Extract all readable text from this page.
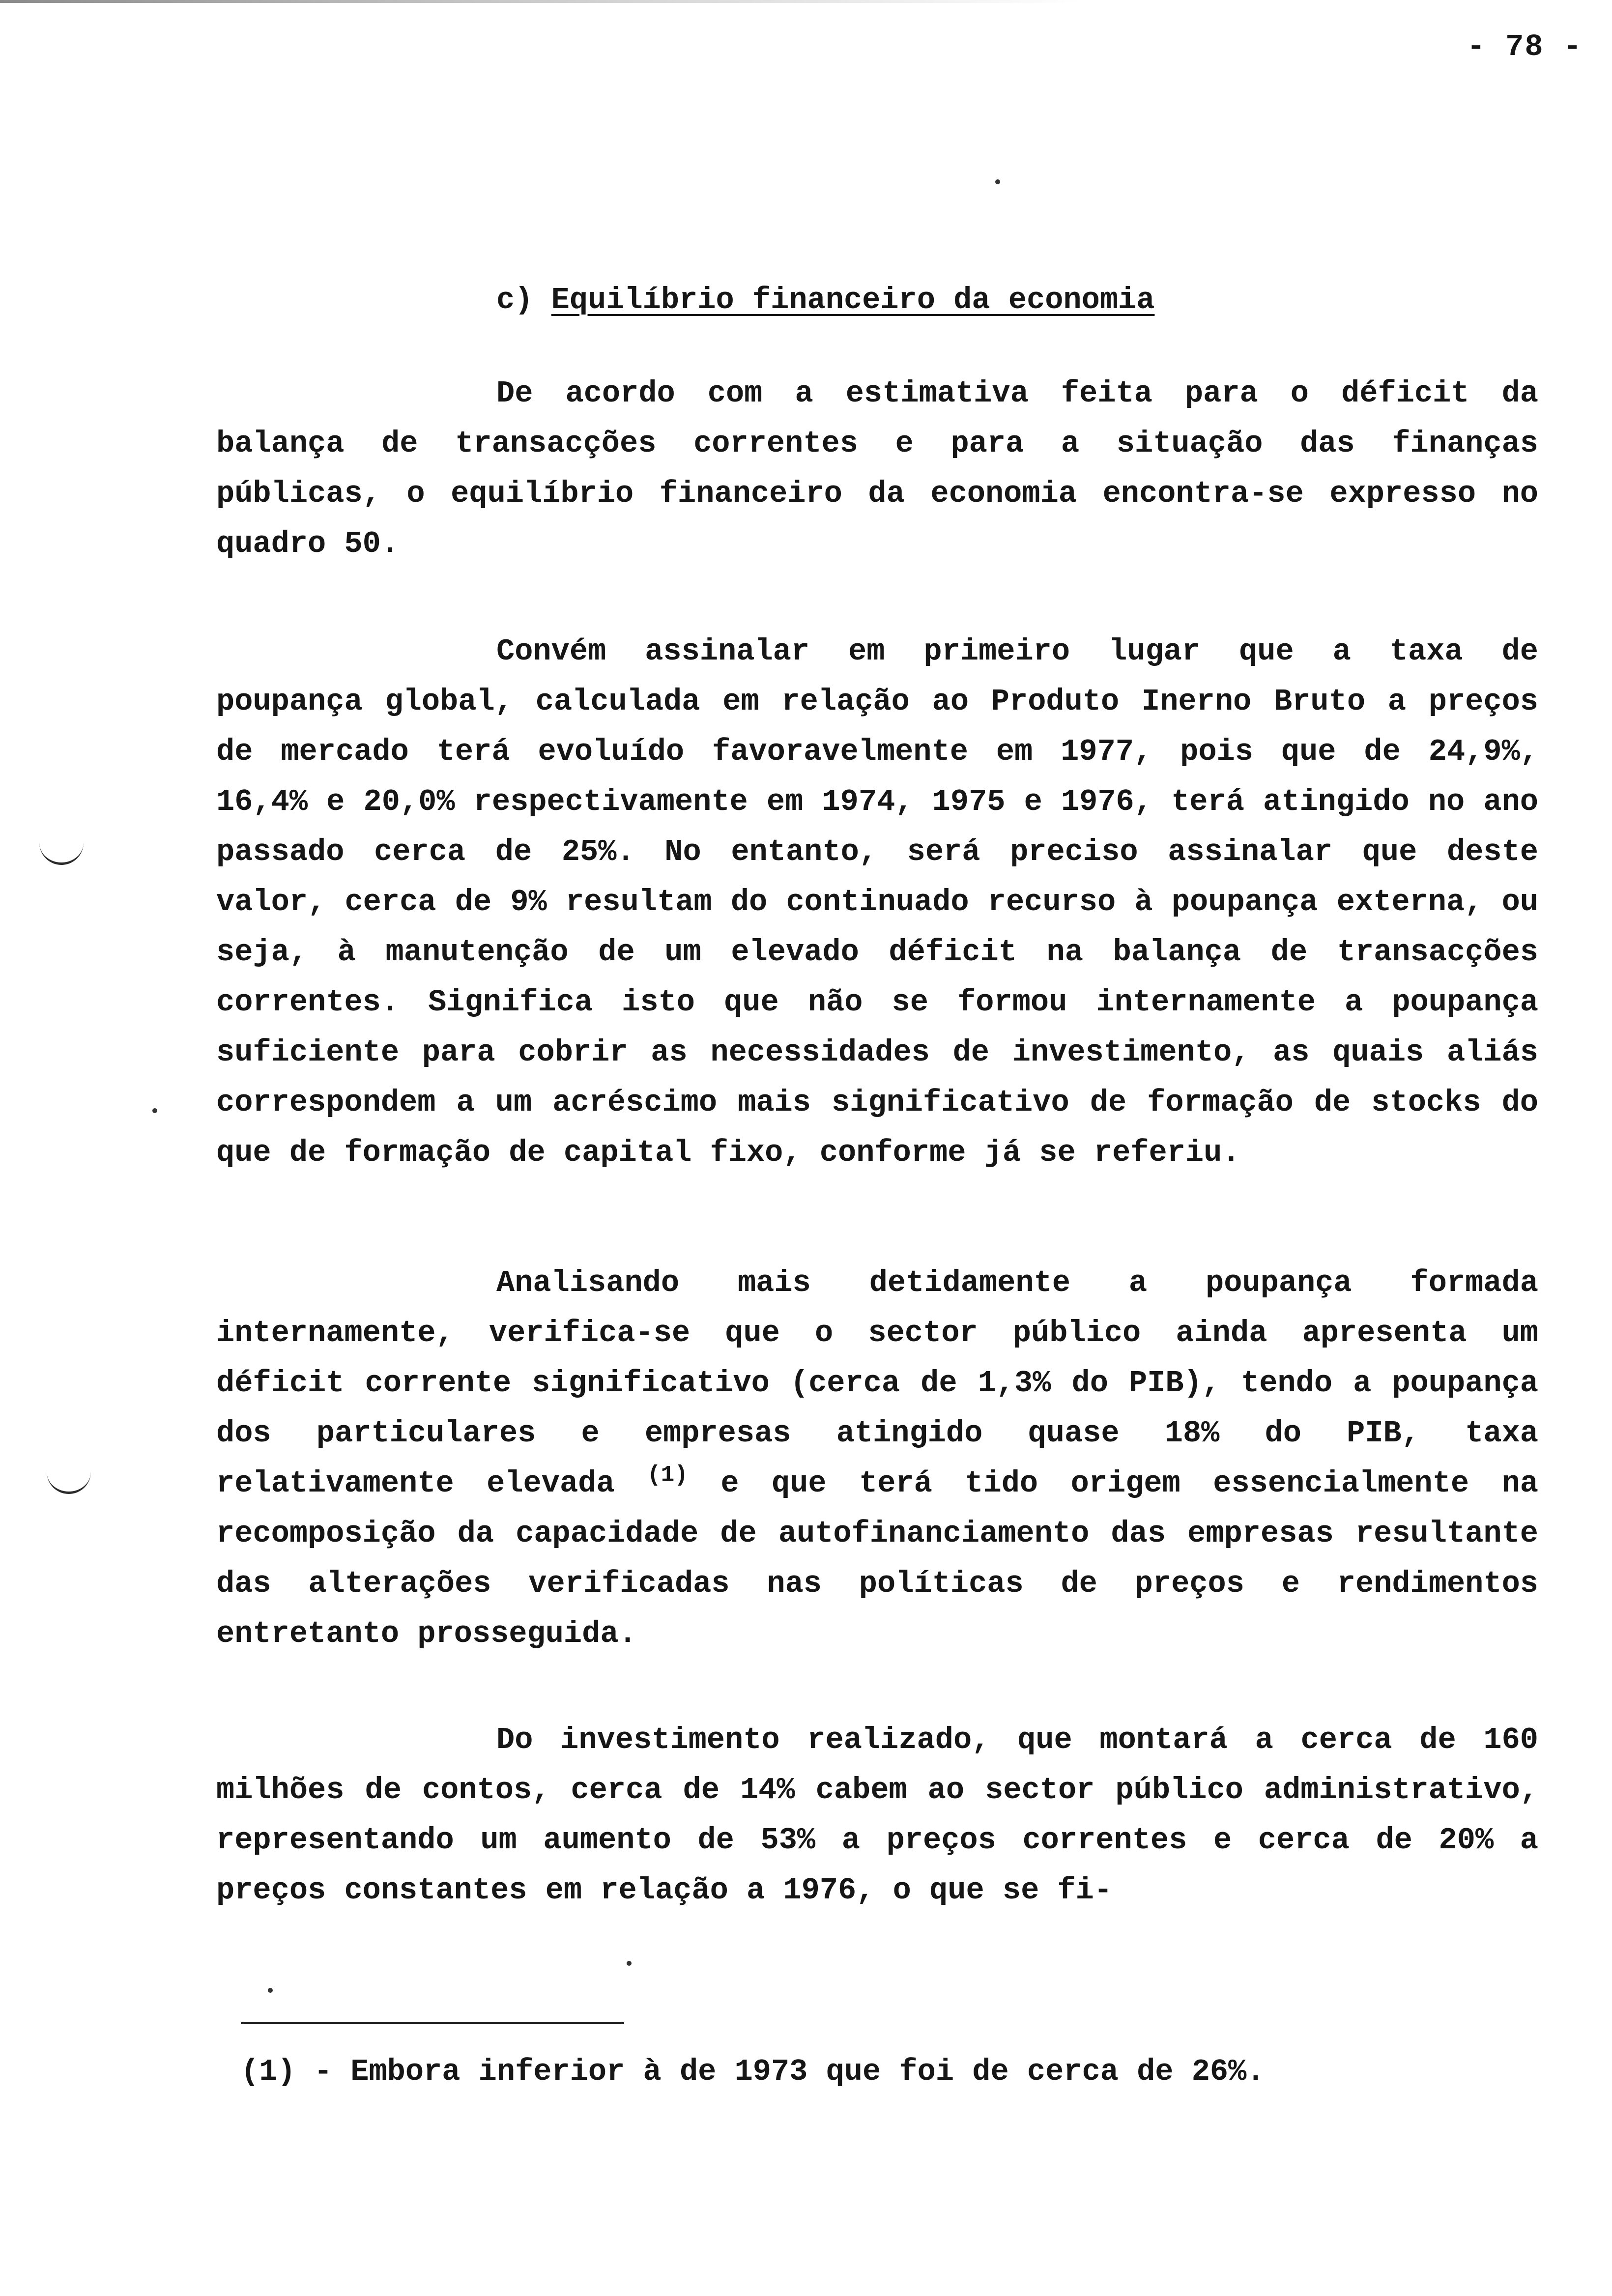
- 78 -
c) Equilíbrio financeiro da economia
De acordo com a estimativa feita para o déficit da balança de transacções correntes e para a situação das finanças públicas, o equilíbrio financeiro da economia encontra-se expresso no quadro 50.
Convém assinalar em primeiro lugar que a taxa de poupança global, calculada em relação ao Produto Inerno Bruto a preços de mercado terá evoluído favoravelmente em 1977, pois que de 24,9%, 16,4% e 20,0% respectivamente em 1974, 1975 e 1976, terá atingido no ano passado cerca de 25%. No entanto, será preciso assinalar que deste valor, cerca de 9% resultam do continuado recurso à poupança externa, ou seja, à manutenção de um elevado déficit na balança de transacções correntes. Significa isto que não se formou internamente a poupança suficiente para cobrir as necessidades de investimento, as quais aliás correspondem a um acréscimo mais significativo de formação de stocks do que de formação de capital fixo, conforme já se referiu.
Analisando mais detidamente a poupança formada internamente, verifica-se que o sector público ainda apresenta um déficit corrente significativo (cerca de 1,3% do PIB), tendo a poupança dos particulares e empresas atingido quase 18% do PIB, taxa relativamente elevada $^{(1)}$ e que terá tido origem essencialmente na recomposição da capacidade de autofinanciamento das empresas resultante das alterações verificadas nas políticas de preços e rendimentos entretanto prosseguida.
Do investimento realizado, que montará a cerca de 160 milhões de contos, cerca de 14% cabem ao sector público administrativo, representando um aumento de 53% a preços correntes e cerca de 20% a preços constantes em relação a 1976, o que se fi-
(1) - Embora inferior à de 1973 que foi de cerca de 26%.
